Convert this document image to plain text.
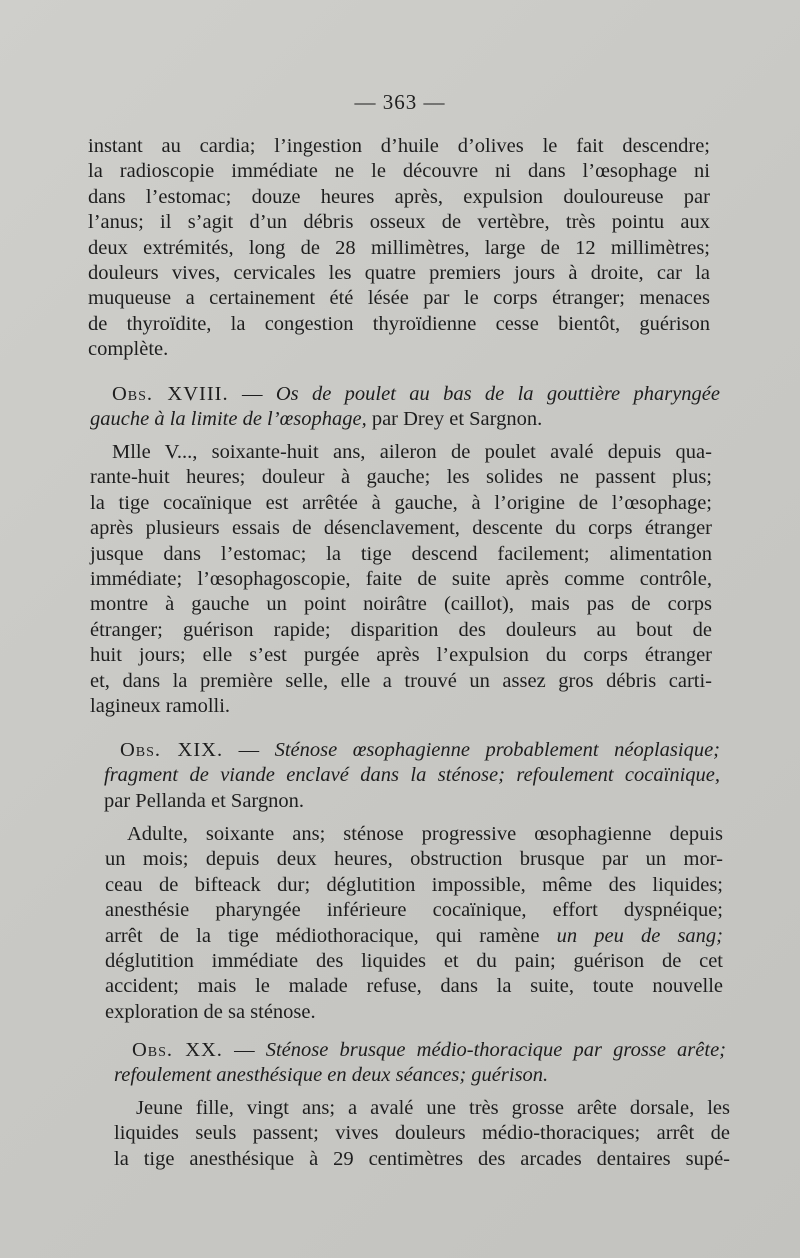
— 363 —
instant au cardia; l’ingestion d’huile d’olives le fait descendre;
la radioscopie immédiate ne le découvre ni dans l’œsophage ni
dans l’estomac; douze heures après, expulsion douloureuse par
l’anus; il s’agit d’un débris osseux de vertèbre, très pointu aux
deux extrémités, long de 28 millimètres, large de 12 millimètres;
douleurs vives, cervicales les quatre premiers jours à droite, car la
muqueuse a certainement été lésée par le corps étranger; menaces
de thyroïdite, la congestion thyroïdienne cesse bientôt, guérison
complète.
Obs. XVIII. — Os de poulet au bas de la gouttière pharyngée
gauche à la limite de l’œsophage, par Drey et Sargnon.
Mlle V..., soixante-huit ans, aileron de poulet avalé depuis qua-
rante-huit heures; douleur à gauche; les solides ne passent plus;
la tige cocaïnique est arrêtée à gauche, à l’origine de l’œsophage;
après plusieurs essais de désenclavement, descente du corps étranger
jusque dans l’estomac; la tige descend facilement; alimentation
immédiate; l’œsophagoscopie, faite de suite après comme contrôle,
montre à gauche un point noirâtre (caillot), mais pas de corps
étranger; guérison rapide; disparition des douleurs au bout de
huit jours; elle s’est purgée après l’expulsion du corps étranger
et, dans la première selle, elle a trouvé un assez gros débris carti-
lagineux ramolli.
Obs. XIX. — Sténose œsophagienne probablement néoplasique;
fragment de viande enclavé dans la sténose; refoulement cocaïnique,
par Pellanda et Sargnon.
Adulte, soixante ans; sténose progressive œsophagienne depuis
un mois; depuis deux heures, obstruction brusque par un mor-
ceau de bifteack dur; déglutition impossible, même des liquides;
anesthésie pharyngée inférieure cocaïnique, effort dyspnéique;
arrêt de la tige médiothoracique, qui ramène un peu de sang;
déglutition immédiate des liquides et du pain; guérison de cet
accident; mais le malade refuse, dans la suite, toute nouvelle
exploration de sa sténose.
Obs. XX. — Sténose brusque médio-thoracique par grosse arête;
refoulement anesthésique en deux séances; guérison.
Jeune fille, vingt ans; a avalé une très grosse arête dorsale, les
liquides seuls passent; vives douleurs médio-thoraciques; arrêt de
la tige anesthésique à 29 centimètres des arcades dentaires supé-
